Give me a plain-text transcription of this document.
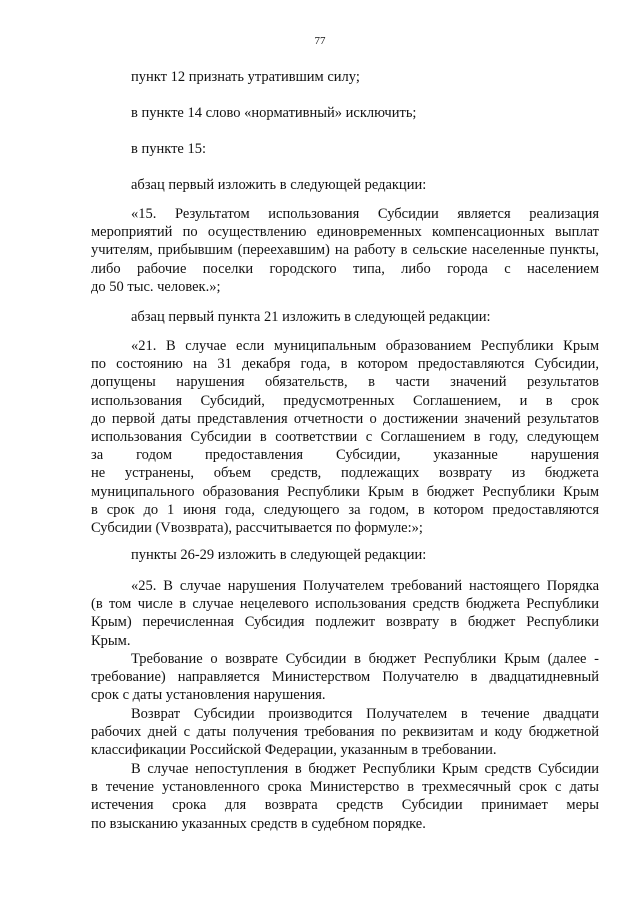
77

пункт 12 признать утратившим силу;

в пункте 14 слово «нормативный» исключить;

в пункте 15:

абзац первый изложить в следующей редакции:

«15. Результатом использования Субсидии является реализация
мероприятий по осуществлению единовременных компенсационных выплат
учителям, прибывшим (переехавшим) на работу в сельские населенные пункты,
либо рабочие поселки городского типа, либо города с населением
до 50 тыс. человек.»;

абзац первый пункта 21 изложить в следующей редакции:

«21. В случае если муниципальным образованием Республики Крым
по состоянию на 31 декабря года, в котором предоставляются Субсидии,
допущены нарушения обязательств, в части значений результатов
использования Субсидий, предусмотренных Соглашением, и в срок
до первой даты представления отчетности о достижении значений результатов
использования Субсидии в соответствии с Соглашением в году, следующем
за годом предоставления Субсидии, указанные нарушения
не устранены, объем средств, подлежащих возврату из бюджета
муниципального образования Республики Крым в бюджет Республики Крым
в срок до 1 июня года, следующего за годом, в котором предоставляются
Субсидии (Vвозврата), рассчитывается по формуле:»;

пункты 26-29 изложить в следующей редакции:

«25. В случае нарушения Получателем требований настоящего Порядка
(в том числе в случае нецелевого использования средств бюджета Республики
Крым) перечисленная Субсидия подлежит возврату в бюджет Республики
Крым.
Требование о возврате Субсидии в бюджет Республики Крым (далее -
требование) направляется Министерством Получателю в двадцатидневный
срок с даты установления нарушения.
Возврат Субсидии производится Получателем в течение двадцати
рабочих дней с даты получения требования по реквизитам и коду бюджетной
классификации Российской Федерации, указанным в требовании.
В случае непоступления в бюджет Республики Крым средств Субсидии
в течение установленного срока Министерство в трехмесячный срок с даты
истечения срока для возврата средств Субсидии принимает меры
по взысканию указанных средств в судебном порядке.
